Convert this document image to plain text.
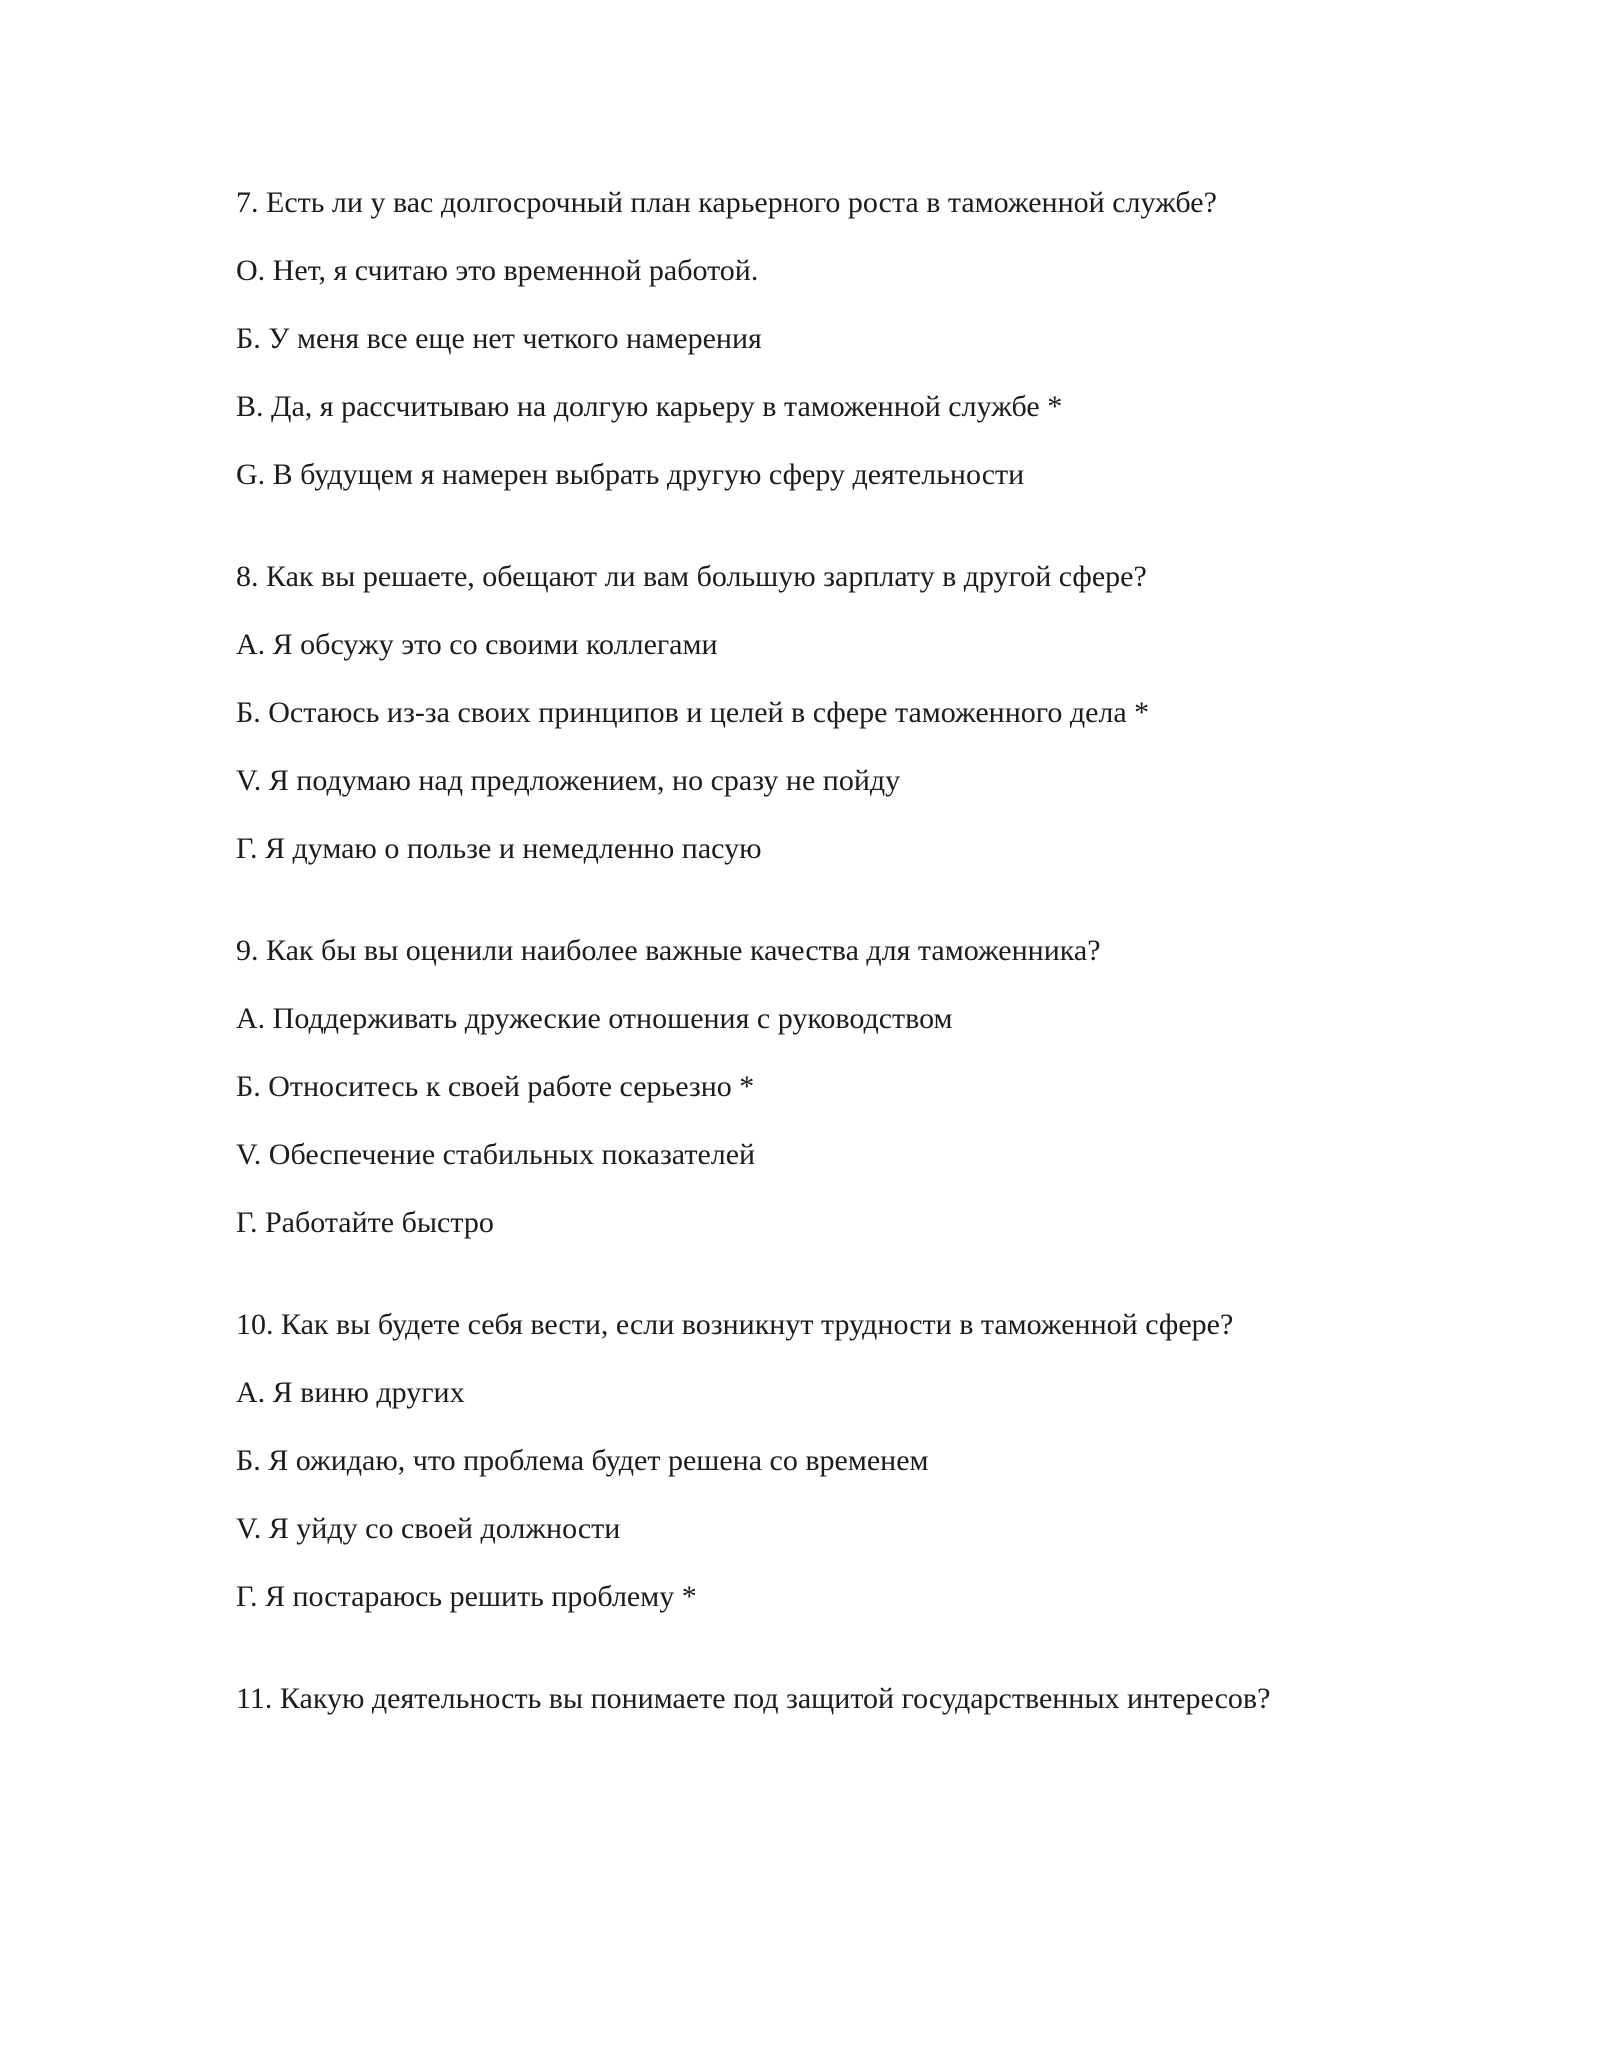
7. Есть ли у вас долгосрочный план карьерного роста в таможенной службе?

О. Нет, я считаю это временной работой.

Б. У меня все еще нет четкого намерения

В. Да, я рассчитываю на долгую карьеру в таможенной службе *

G. В будущем я намерен выбрать другую сферу деятельности

8. Как вы решаете, обещают ли вам большую зарплату в другой сфере?

А. Я обсужу это со своими коллегами

Б. Остаюсь из-за своих принципов и целей в сфере таможенного дела *

V. Я подумаю над предложением, но сразу не пойду

Г. Я думаю о пользе и немедленно пасую

9. Как бы вы оценили наиболее важные качества для таможенника?

А. Поддерживать дружеские отношения с руководством

Б. Относитесь к своей работе серьезно *

V. Обеспечение стабильных показателей

Г. Работайте быстро

10. Как вы будете себя вести, если возникнут трудности в таможенной сфере?

А. Я виню других

Б. Я ожидаю, что проблема будет решена со временем

V. Я уйду со своей должности

Г. Я постараюсь решить проблему *

11. Какую деятельность вы понимаете под защитой государственных интересов?
